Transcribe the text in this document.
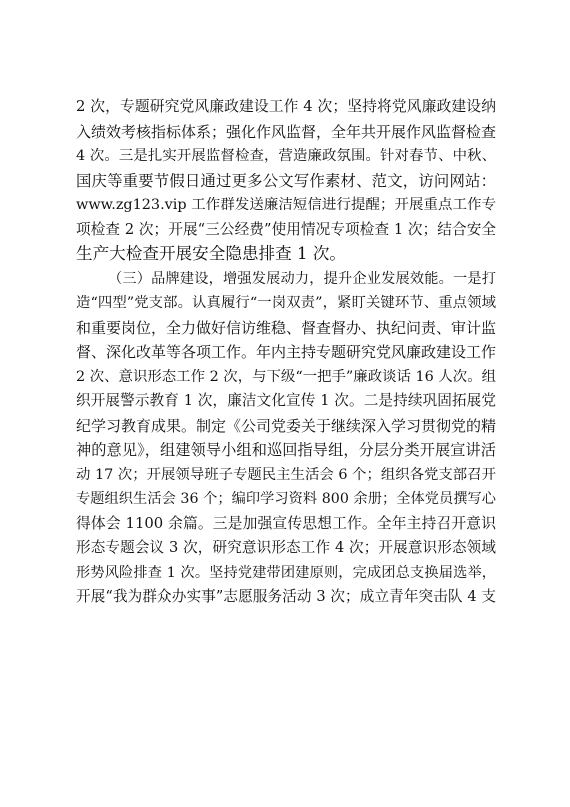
2 次，专题研究党风廉政建设工作 4 次；坚持将党风廉政建设纳
入绩效考核指标体系；强化作风监督，全年共开展作风监督检查
4 次。三是扎实开展监督检查，营造廉政氛围。针对春节、中秋、
国庆等重要节假日通过更多公文写作素材、范文，访问网站：
www.zg123.vip 工作群发送廉洁短信进行提醒；开展重点工作专
项检查 2 次；开展“三公经费”使用情况专项检查 1 次；结合安全
生产大检查开展安全隐患排查 1 次。
（三）品牌建设，增强发展动力，提升企业发展效能。一是打
造“四型”党支部。认真履行“一岗双责”，紧盯关键环节、重点领域
和重要岗位，全力做好信访维稳、督查督办、执纪问责、审计监
督、深化改革等各项工作。年内主持专题研究党风廉政建设工作
2 次、意识形态工作 2 次，与下级“一把手”廉政谈话 16 人次。组
织开展警示教育 1 次，廉洁文化宣传 1 次。二是持续巩固拓展党
纪学习教育成果。制定《公司党委关于继续深入学习贯彻党的精
神的意见》，组建领导小组和巡回指导组，分层分类开展宣讲活
动 17 次；开展领导班子专题民主生活会 6 个；组织各党支部召开
专题组织生活会 36 个；编印学习资料 800 余册；全体党员撰写心
得体会 1100 余篇。三是加强宣传思想工作。全年主持召开意识
形态专题会议 3 次，研究意识形态工作 4 次；开展意识形态领域
形势风险排查 1 次。坚持党建带团建原则，完成团总支换届选举，
开展“我为群众办实事”志愿服务活动 3 次；成立青年突击队 4 支
